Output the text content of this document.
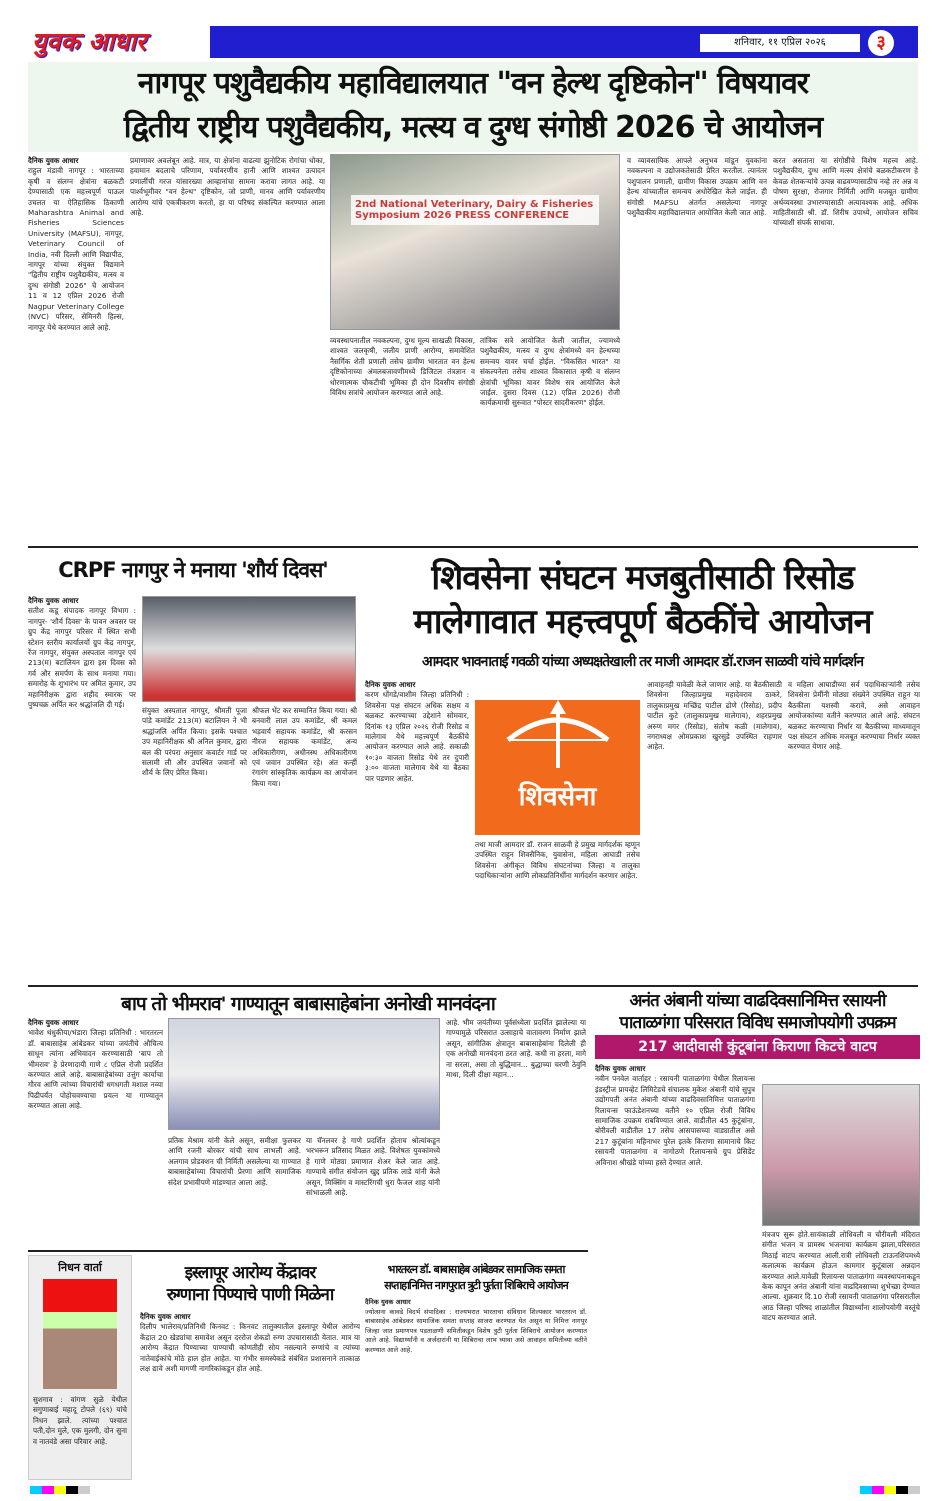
युवक आधार	शनिवार, ११ एप्रिल २०२६	३
नागपूर पशुवैद्यकीय महाविद्यालयात "वन हेल्थ दृष्टिकोन" विषयावर
द्वितीय राष्ट्रीय पशुवैद्यकीय, मत्स्य व दुग्ध संगोष्ठी 2026 चे आयोजन
दैनिक युवक आधार
राहुल मंडावी नागपूर : भारताच्या कृषी व संलग्न क्षेत्रांना बळकटी देण्यासाठी एक महत्त्वपूर्ण पाऊल उचलत या ऐतिहासिक ठिकाणी Maharashtra Animal and Fisheries Sciences University (MAFSU), नागपूर, Veterinary Council of India, नवी दिल्ली आणि विद्यापीठ, नागपूर यांच्या संयुक्त विद्यमाने "द्वितीय राष्ट्रीय पशुवैद्यकीय, मत्स्य व दुग्ध संगोष्ठी 2026" चे आयोजन 11 व 12 एप्रिल 2026 रोजी Nagpur Veterinary College (NVC) परिसर, सेमिनरी हिल्स, नागपूर येथे करण्यात आले आहे.
प्रमाणावर अवलंबून आहे. मात्र, या क्षेत्रांना वाढत्या झुनोटिक रोगांचा धोका, हवामान बदलाचे परिणाम, पर्यावरणीय हानी आणि शाश्वत उत्पादन प्रणालींची गरज यांसारख्या आव्हानांचा सामना करावा लागत आहे. या पार्श्वभूमीवर "वन हेल्थ" दृष्टिकोन, जो प्राणी, मानव आणि पर्यावरणीय आरोग्य यांचे एकत्रीकरण करतो, हा या परिषद संकल्पित करण्यात आला आहे.
2nd National Veterinary, Dairy & Fisheries Symposium 2026 PRESS CONFERENCE
व्यवस्थापनातील नवकल्पना, दुग्ध मूल्य साखळी विकास, शाश्वत जलकृषी, जलीय प्राणी आरोग्य, समावेशित नैसर्गिक शेती प्रणाली तसेच ग्रामीण भारतात वन हेल्थ दृष्टिकोनाच्या अंमलबजावणीमध्ये डिजिटल तंत्रज्ञान व धोरणात्मक चौकटीची भूमिका ही दोन दिवसीय संगोष्ठी विविध सत्रांचे आयोजन करण्यात आले आहे.
तांत्रिक सत्रे आयोजित केली जातील, ज्यामध्ये पशुवैद्यकीय, मत्स्य व दुग्ध क्षेत्रांमध्ये वन हेल्थच्या समन्वय यावर चर्चा होईल. "विकसित भारत" या संकल्पनेला तसेच शाश्वत विकासात कृषी व संलग्न क्षेत्रांची भूमिका यावर विशेष सत्र आयोजित केले जाईल. दुसरा दिवस (12) एप्रिल 2026) रोजी कार्यक्रमाची सुरुवात "पोस्टर सादरीकरण" होईल.
व व्यावसायिक आपले अनुभव मांडून युवकांना नवकल्पना व उद्योजकतेसाठी प्रेरित करतील. त्यानंतर पशुपालन प्रणाली, ग्रामीण विकास उपक्रम आणि वन हेल्थ यांच्यातील समन्वय अधोरेखित केले जाईल. ही संगोष्ठी MAFSU अंतर्गत असलेल्या नागपूर पशुवैद्यकीय महाविद्यालयात आयोजित केली जात आहे.
करत असताना या संगोष्ठीचे विशेष महत्त्व आहे. पशुवैद्यकीय, दुग्ध आणि मत्स्य क्षेत्रांचे बळकटीकरण हे केवळ शेतकऱ्यांचे उत्पन्न वाढवण्यासाठीच नव्हे तर अन्न व पोषण सुरक्षा, रोजगार निर्मिती आणि मजबूत ग्रामीण अर्थव्यवस्था उभारण्यासाठी अत्यावश्यक आहे. अधिक माहितीसाठी श्री. डॉ. शिरीष उपाध्ये, आयोजन सचिव यांच्याशी संपर्क साधावा.
CRPF नागपुर ने मनाया 'शौर्य दिवस'
दैनिक युवक आधार
सतीश कडू संपादक नागपूर विभाग : नागपुर- 'शौर्य दिवस' के पावन अवसर पर ग्रुप केंद्र नागपुर परिसर में स्थित सभी स्टेशन स्तरीय कार्यालयों ग्रुप केंद्र नागपुर, रेंज नागपुर, संयुक्त अस्पताल नागपुर एवं 213(म) बटालियन द्वारा इस दिवस को गर्व और समर्पण के साथ मनाया गया। समारोह के शुभारंभ पर अमित कुमार, उप महानिरीक्षक द्वारा शहीद स्मारक पर पुष्पचक्र अर्पित कर श्रद्धांजलि दी गई।
संयुक्त अस्पताल नागपुर, श्रीमती पूजा पांडे कमांडेंट 213(म) बटालियन ने भी श्रद्धांजलि अर्पित किया। इसके पश्चात उप महानिरीक्षक श्री अनिल कुमार, द्वारा बल की परंपरा अनुसार कवार्टर गार्ड पर सलामी ली और उपस्थित जवानों को शौर्य के लिए प्रेरित किया।
श्रीफल भेंट कर सम्मानित किया गया। श्री बनवारी लाल उप कमांडेंट, श्री कमल भड़वार्य सहायक कमांडेंट, श्री करसन नीरज सहायक कमांडेंट, अन्य अधिकारीगण, अधीनस्थ अधिकारीगण एवं जवान उपस्थित रहे। अंत कन्हीं रंगारंग सांस्कृतिक कार्यक्रम का आयोजन किया गया।
शिवसेना संघटन मजबुतीसाठी रिसोड
मालेगावात महत्त्वपूर्ण बैठकींचे आयोजन
आमदार भावनाताई गवळी यांच्या अध्यक्षतेखाली तर माजी आमदार डॉ.राजन साळवी यांचे मार्गदर्शन
दैनिक युवक आधार
करण धोंगडे/वाशीम जिल्हा प्रतिनिधी : शिवसेना पक्ष संघटन अधिक सक्षम व बळकट करण्याच्या उद्देशाने सोमवार, दिनांक १३ एप्रिल २०२६ रोजी रिसोड व मालेगाव येथे महत्त्वपूर्ण बैठकींचे आयोजन करण्यात आले आहे. सकाळी १०:३० वाजता रिसोड येथे तर दुपारी ३:०० वाजता मालेगाव येथे या बैठका पार पडणार आहेत.
शिवसेना
तथा माजी आमदार डॉ. राजन साळवी हे प्रमुख मार्गदर्शक म्हणून उपस्थित राहून शिवसैनिक, युवासेना, महिला आघाडी तसेच शिवसेना अंगीकृत विविध संघटनांच्या जिल्हा व तालुका पदाधिकाऱ्यांना आणि लोकप्रतिनिधींना मार्गदर्शन करणार आहेत.
आवाहनही यावेळी केले जाणार आहे. या बैठकीसाठी शिवसेना जिल्हाप्रमुख महादेवराव ठाकरे, तालुकाप्रमुख मच्छिंद्र पाटील ढोणे (रिसोड), प्रदीप पाटील कुटे (तालुकाप्रमुख मालेगाव), शहरप्रमुख अरुण मगर (रिसोड), संतोष कळी (मालेगाव), नगराध्यक्ष ओमप्रकाश खुरसुडे उपस्थित राहणार आहेत.
व महिला आघाडीच्या सर्व पदाधिकाऱ्यांनी तसेच शिवसेना प्रेमींनी मोठ्या संख्येने उपस्थित राहून या बैठकीला यशस्वी करावे, असे आवाहन आयोजकांच्या वतीने करण्यात आले आहे. संघटन बळकट करण्याचा निर्धार या बैठकीच्या माध्यमातून पक्ष संघटन अधिक मजबूत करण्याचा निर्धार व्यक्त करण्यात येणार आहे.
बाप तो भीमराव' गाण्यातून बाबासाहेबांना अनोखी मानवंदना
दैनिक युवक आधार
भावेश थंधुकीया/भंडारा जिल्हा प्रतिनिधी : भारतरत्न डॉ. बाबासाहेब आंबेडकर यांच्या जयंतीचे औचित्य साधून त्यांना अभिवादन करण्यासाठी 'बाप तो भीमराव' हे प्रेरणादायी गाणे ८ एप्रिल रोजी प्रदर्शित करण्यात आले आहे. बाबासाहेबांच्या उत्तुंग कार्याचा गौरव आणि त्यांच्या विचारांची धगधगती मशाल नव्या पिढीपर्यंत पोहोचवण्याचा प्रयत्न या गाण्यातून करण्यात आला आहे.
प्रतिक मेश्राम यांनी केले असून, समीक्षा फुलकर आणि रजनी बोरकर यांची साथ लाभली आहे. अलगाव प्रोडक्शन ची निर्मिती असलेल्या या गाण्यात बाबासाहेबांच्या विचारांची प्रेरणा आणि सामाजिक संदेश प्रभावीपणे मांडण्यात आला आहे.
या चॅनलवर हे गाणे प्रदर्शित होताच श्रोत्यांकडून भरभरून प्रतिसाद मिळत आहे. विशेषतः युवकांमध्ये हे गाणे मोठ्या प्रमाणात शेअर केले जात आहे. गाण्याचे संगीत संयोजन खुद्द प्रतिक लाडे यांनी केले असून, मिक्सिंग व मास्टरिंगची धुरा फैजल शाह यांनी सांभाळली आहे.
आहे. भीम जयंतीच्या पूर्वसंध्येला प्रदर्शित झालेल्या या गाण्यामुळे परिसरात उत्साहाचे वातावरण निर्माण झाले असून, सांगीतिक क्षेत्रातून बाबासाहेबांना दिलेली ही एक अनोखी मानवंदना ठरत आहे. कधी ना हरला, मागे ना सरला, असा तो बुद्धिमान... बुद्धाच्या चरणी ठेवुनि माथा, दिली दीक्षा महान...
अनंत अंबानी यांच्या वाढदिवसानिमित्त रसायनी
पाताळगंगा परिसरात विविध समाजोपयोगी उपक्रम
217 आदीवासी कुंटूबांना किराणा किटचे वाटप
दैनिक युवक आधार
नवीन पनवेल वार्ताहर : रसायनी पाताळगंगा येथील रिलायन्स इंडस्ट्रीज प्रायव्हेट लिमिटेडचे संचालक मुकेश अंबानी यांचे सुपुत्र उद्योगपती अनंत अंबानी यांच्या वाढदिवसानिमित्त पाताळगंगा रिलायन्स फाऊंडेशनच्या वतीने १० एप्रिल रोजी विविध सामाजिक उपक्रम राबविण्यात आले. वाडीतील 45 कुटूंबांना, बोरीवली वाडीतील 17 तसेच आसपासच्या वाड्यातील असे 217 कुटूंबांना महिनाभर पुरेल इतके किराणा सामानाचे किट रसायनी पाताळगंगा व नागोठणे रिलायन्सचे ग्रुप प्रेसिडेंट अविनाश श्रीखंडे यांच्या हस्ते देण्यात आले.
मंत्रजप सुरू होते.सायंकाळी लोधिवली व चौरीवली मंदिरात संगीत भजन व प्रामस्थ भजनाचा कार्यक्रम झाला,परिसरात मिठाई वाटप करण्यात आली.रात्री लोधिवली टाऊनशिपमध्ये कलात्मक कार्यक्रम होऊन कामगार कुटूंबाला अन्नदान करण्यात आले.यावेळी रिलायन्स पाताळगंगा व्यवस्थापनाकडून केक कापून अनंत अंबानी यांना वाढदिवसाच्या शुभेच्छा देण्यात आल्या. शुक्रवार दि.10 रोजी रसायनी पाताळगंगा परिसरातील आठ जिल्हा परिषद शाळांतील विद्यार्थ्यांना शालोपयोगी वस्तूंचे वाटप करण्यात आले.
निधन वार्ता
सुशगाव : वांगण सुळे येथील सगुणाबाई महादू टोपले (६९) यांचे निधन झाले. त्यांच्या पश्चात पती,दोन मुले, एक मुलगी, दोन सुना व नातवंडे असा परिवार आहे.
इस्लापूर आरोग्य केंद्रावर
रुग्णाना पिण्याचे पाणी मिळेना
दैनिक युवक आधार
दिलीप भालेराव/प्रतिनिधी किनवट : किनवट तालुक्यातील इस्लापूर येथील आरोग्य केंद्रात 20 खेड्यांचा समावेश असून दररोज शेकडो रुग्ण उपचारासाठी येतात. मात्र या आरोग्य केंद्रात पिण्याच्या पाण्याची कोणतीही सोय नसल्याने रुग्णांचे व त्यांच्या नातेवाईकांचे मोठे हाल होत आहेत. या गंभीर समस्येकडे संबंधित प्रशासनाने तात्काळ लक्ष द्यावे अशी मागणी नागरिकांकडून होत आहे.
भारतरत्न डॉ. बाबासाहेब आंबेडकर सामाजिक समता
सप्ताहानिमित्त नागपुरात त्रुटी पुर्तता शिबिराचे आयोजन
दैनिक युवक आधार
ज्योत्सना कावडे विदर्भ संपादिका : राज्यभरात भारताचा संविधान शिल्पकार भारतरत्न डॉ. बाबासाहेब आंबेडकर सामाजिक समता सप्ताह साजरा करण्यात येत असून या निमित्त नागपूर जिल्हा जात प्रमाणपत्र पडताळणी समितीकडून विशेष त्रुटी पुर्तता शिबिराचे आयोजन करण्यात आले आहे. विद्यार्थ्यांनी व अर्जदारांनी या शिबिराचा लाभ घ्यावा असे आवाहन समितीच्या वतीने करण्यात आले आहे.
